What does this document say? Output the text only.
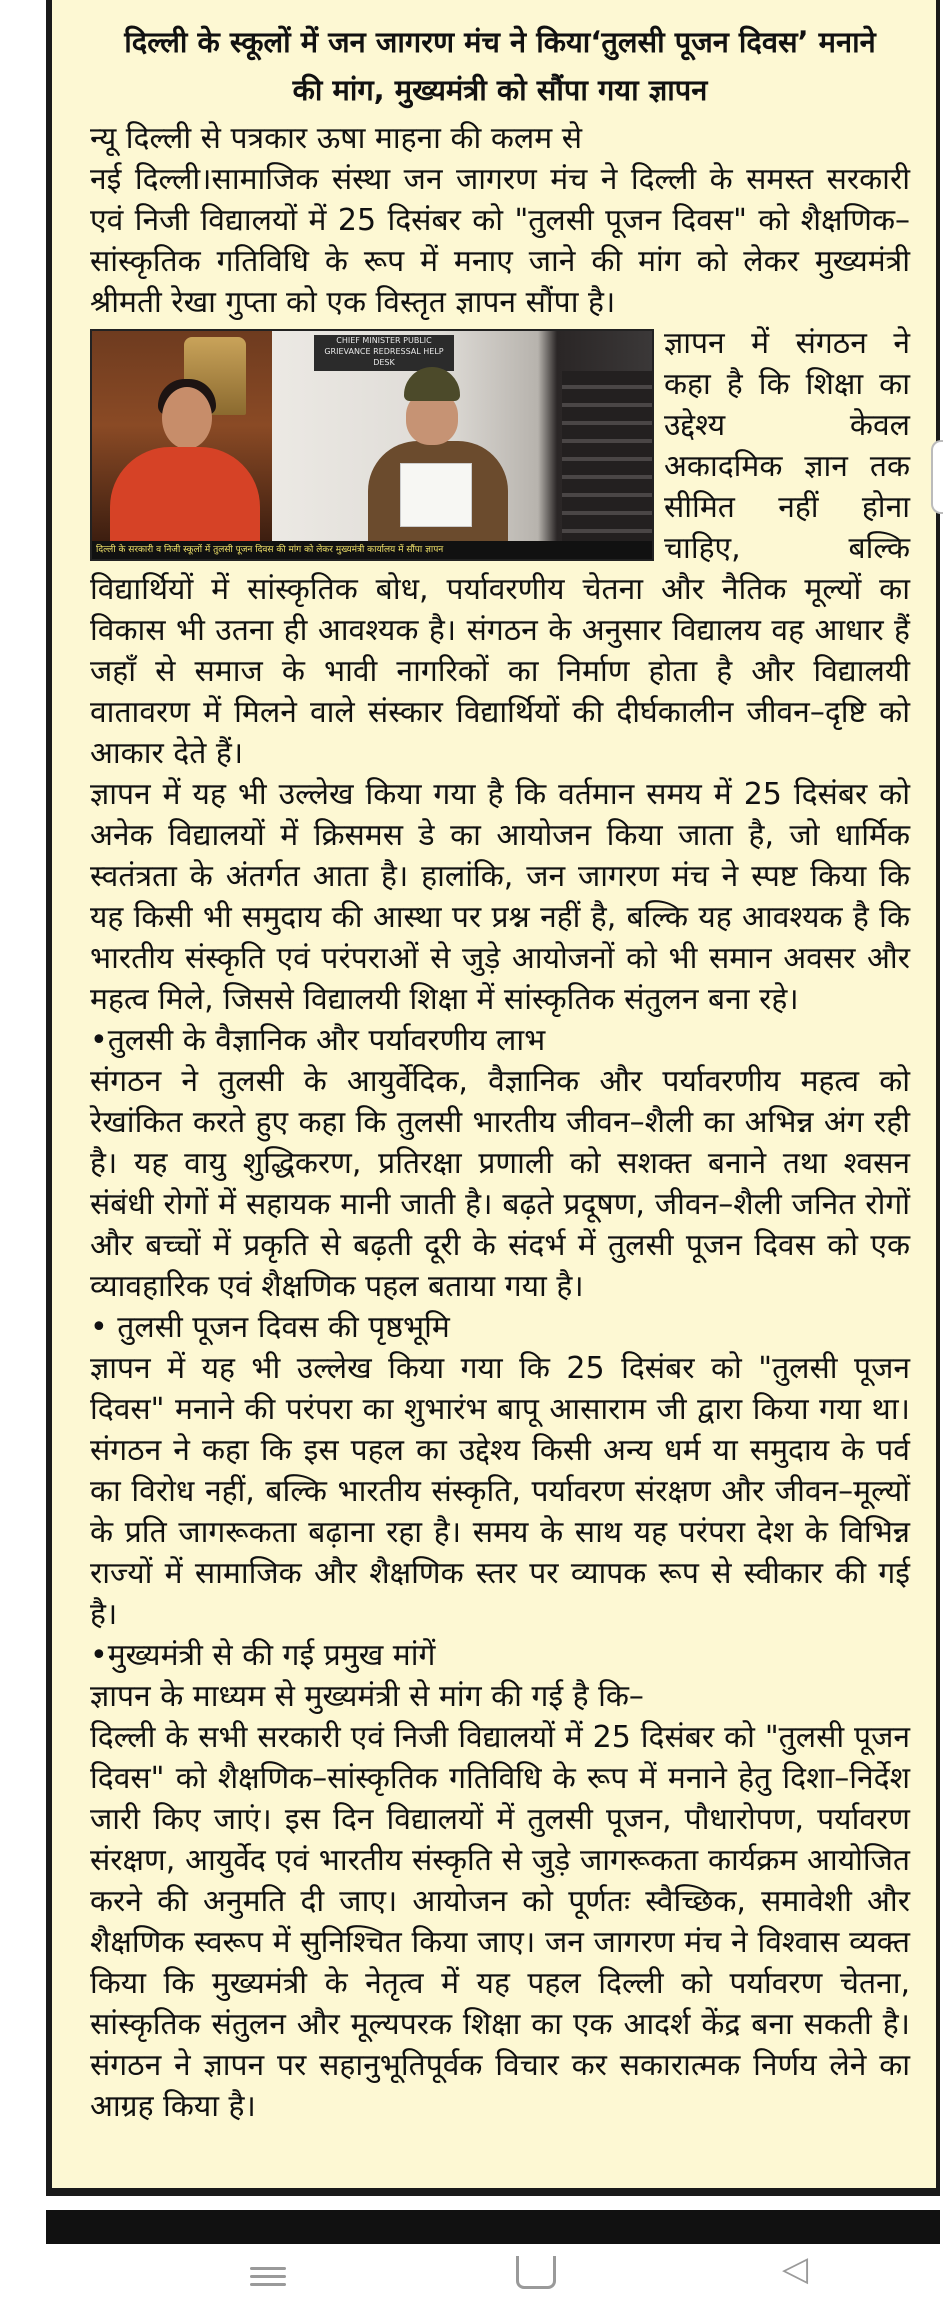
दिल्ली के स्कूलों में जन जागरण मंच ने किया‘तुलसी पूजन दिवस’ मनाने की मांग, मुख्यमंत्री को सौंपा गया ज्ञापन

न्यू दिल्ली से पत्रकार ऊषा माहना की कलम से

नई दिल्ली।सामाजिक संस्था जन जागरण मंच ने दिल्ली के समस्त सरकारी एवं निजी विद्यालयों में 25 दिसंबर को "तुलसी पूजन दिवस" को शैक्षणिक–सांस्कृतिक गतिविधि के रूप में मनाए जाने की मांग को लेकर मुख्यमंत्री श्रीमती रेखा गुप्ता को एक विस्तृत ज्ञापन सौंपा है।

CHIEF MINISTER PUBLIC GRIEVANCE REDRESSAL HELP DESK
दिल्ली के सरकारी व निजी स्कूलों में तुलसी पूजन दिवस की मांग को लेकर मुख्यमंत्री कार्यालय में सौंपा ज्ञापन

ज्ञापन में संगठन ने कहा है कि शिक्षा का उद्देश्य केवल अकादमिक ज्ञान तक सीमित नहीं होना चाहिए, बल्कि विद्यार्थियों में सांस्कृतिक बोध, पर्यावरणीय चेतना और नैतिक मूल्यों का विकास भी उतना ही आवश्यक है। संगठन के अनुसार विद्यालय वह आधार हैं जहाँ से समाज के भावी नागरिकों का निर्माण होता है और विद्यालयी वातावरण में मिलने वाले संस्कार विद्यार्थियों की दीर्घकालीन जीवन–दृष्टि को आकार देते हैं।

ज्ञापन में यह भी उल्लेख किया गया है कि वर्तमान समय में 25 दिसंबर को अनेक विद्यालयों में क्रिसमस डे का आयोजन किया जाता है, जो धार्मिक स्वतंत्रता के अंतर्गत आता है। हालांकि, जन जागरण मंच ने स्पष्ट किया कि यह किसी भी समुदाय की आस्था पर प्रश्न नहीं है, बल्कि यह आवश्यक है कि भारतीय संस्कृति एवं परंपराओं से जुड़े आयोजनों को भी समान अवसर और महत्व मिले, जिससे विद्यालयी शिक्षा में सांस्कृतिक संतुलन बना रहे।

•तुलसी के वैज्ञानिक और पर्यावरणीय लाभ

संगठन ने तुलसी के आयुर्वेदिक, वैज्ञानिक और पर्यावरणीय महत्व को रेखांकित करते हुए कहा कि तुलसी भारतीय जीवन–शैली का अभिन्न अंग रही है। यह वायु शुद्धिकरण, प्रतिरक्षा प्रणाली को सशक्त बनाने तथा श्वसन संबंधी रोगों में सहायक मानी जाती है। बढ़ते प्रदूषण, जीवन–शैली जनित रोगों और बच्चों में प्रकृति से बढ़ती दूरी के संदर्भ में तुलसी पूजन दिवस को एक व्यावहारिक एवं शैक्षणिक पहल बताया गया है।

• तुलसी पूजन दिवस की पृष्ठभूमि

ज्ञापन में यह भी उल्लेख किया गया कि 25 दिसंबर को "तुलसी पूजन दिवस" मनाने की परंपरा का शुभारंभ बापू आसाराम जी द्वारा किया गया था। संगठन ने कहा कि इस पहल का उद्देश्य किसी अन्य धर्म या समुदाय के पर्व का विरोध नहीं, बल्कि भारतीय संस्कृति, पर्यावरण संरक्षण और जीवन–मूल्यों के प्रति जागरूकता बढ़ाना रहा है। समय के साथ यह परंपरा देश के विभिन्न राज्यों में सामाजिक और शैक्षणिक स्तर पर व्यापक रूप से स्वीकार की गई है।

•मुख्यमंत्री से की गई प्रमुख मांगें

ज्ञापन के माध्यम से मुख्यमंत्री से मांग की गई है कि–

दिल्ली के सभी सरकारी एवं निजी विद्यालयों में 25 दिसंबर को "तुलसी पूजन दिवस" को शैक्षणिक–सांस्कृतिक गतिविधि के रूप में मनाने हेतु दिशा–निर्देश जारी किए जाएं। इस दिन विद्यालयों में तुलसी पूजन, पौधारोपण, पर्यावरण संरक्षण, आयुर्वेद एवं भारतीय संस्कृति से जुड़े जागरूकता कार्यक्रम आयोजित करने की अनुमति दी जाए। आयोजन को पूर्णतः स्वैच्छिक, समावेशी और शैक्षणिक स्वरूप में सुनिश्चित किया जाए। जन जागरण मंच ने विश्वास व्यक्त किया कि मुख्यमंत्री के नेतृत्व में यह पहल दिल्ली को पर्यावरण चेतना, सांस्कृतिक संतुलन और मूल्यपरक शिक्षा का एक आदर्श केंद्र बना सकती है। संगठन ने ज्ञापन पर सहानुभूतिपूर्वक विचार कर सकारात्मक निर्णय लेने का आग्रह किया है।

◁
